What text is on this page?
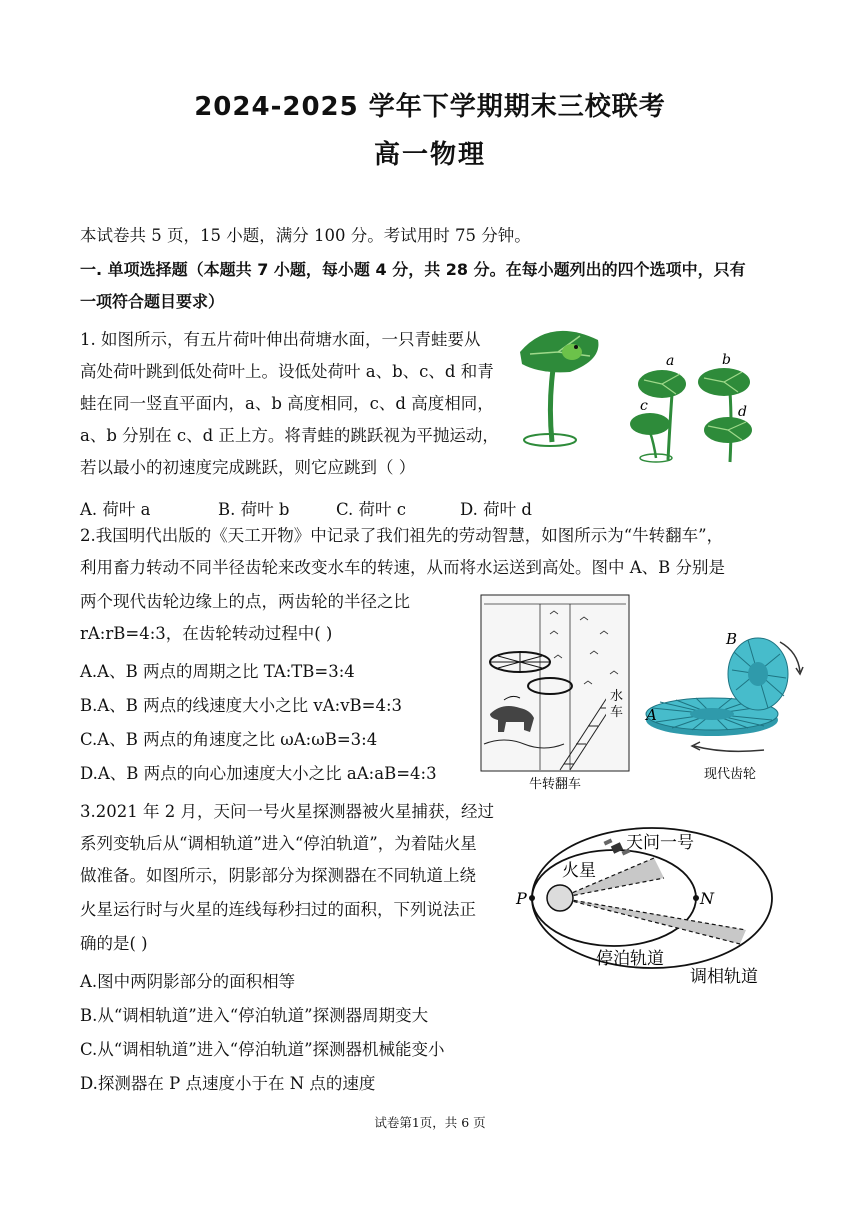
2024-2025 学年下学期期末三校联考
高一物理
本试卷共 5 页，15 小题，满分 100 分。考试用时 75 分钟。
一. 单项选择题（本题共 7 小题，每小题 4 分，共 28 分。在每小题列出的四个选项中，只有
一项符合题目要求）
1. 如图所示，有五片荷叶伸出荷塘水面，一只青蛙要从
高处荷叶跳到低处荷叶上。设低处荷叶 a、b、c、d 和青
蛙在同一竖直平面内，a、b 高度相同，c、d 高度相同，
a、b 分别在 c、d 正上方。将青蛙的跳跃视为平抛运动，
若以最小的初速度完成跳跃，则它应跳到（ ）
A. 荷叶 a	B. 荷叶 b	C. 荷叶 c	D. 荷叶 d
a	b
c	d
2.我国明代出版的《天工开物》中记录了我们祖先的劳动智慧，如图所示为“牛转翻车”，
利用畜力转动不同半径齿轮来改变水车的转速，从而将水运送到高处。图中 A、B 分别是
两个现代齿轮边缘上的点，两齿轮的半径之比
rA:rB=4:3，在齿轮转动过程中( )
A.A、B 两点的周期之比 TA:TB=3:4
B.A、B 两点的线速度大小之比 vA:vB=4:3
C.A、B 两点的角速度之比 ωA:ωB=3:4
D.A、B 两点的向心加速度大小之比 aA:aB=4:3
水车
牛转翻车
B
A
现代齿轮
3.2021 年 2 月，天问一号火星探测器被火星捕获，经过
系列变轨后从“调相轨道”进入“停泊轨道”，为着陆火星
做准备。如图所示，阴影部分为探测器在不同轨道上绕
火星运行时与火星的连线每秒扫过的面积，下列说法正
确的是( )
A.图中两阴影部分的面积相等
B.从“调相轨道”进入“停泊轨道”探测器周期变大
C.从“调相轨道”进入“停泊轨道”探测器机械能变小
D.探测器在 P 点速度小于在 N 点的速度
P	N
天问一号
火星
停泊轨道
调相轨道
试卷第1页，共 6 页
